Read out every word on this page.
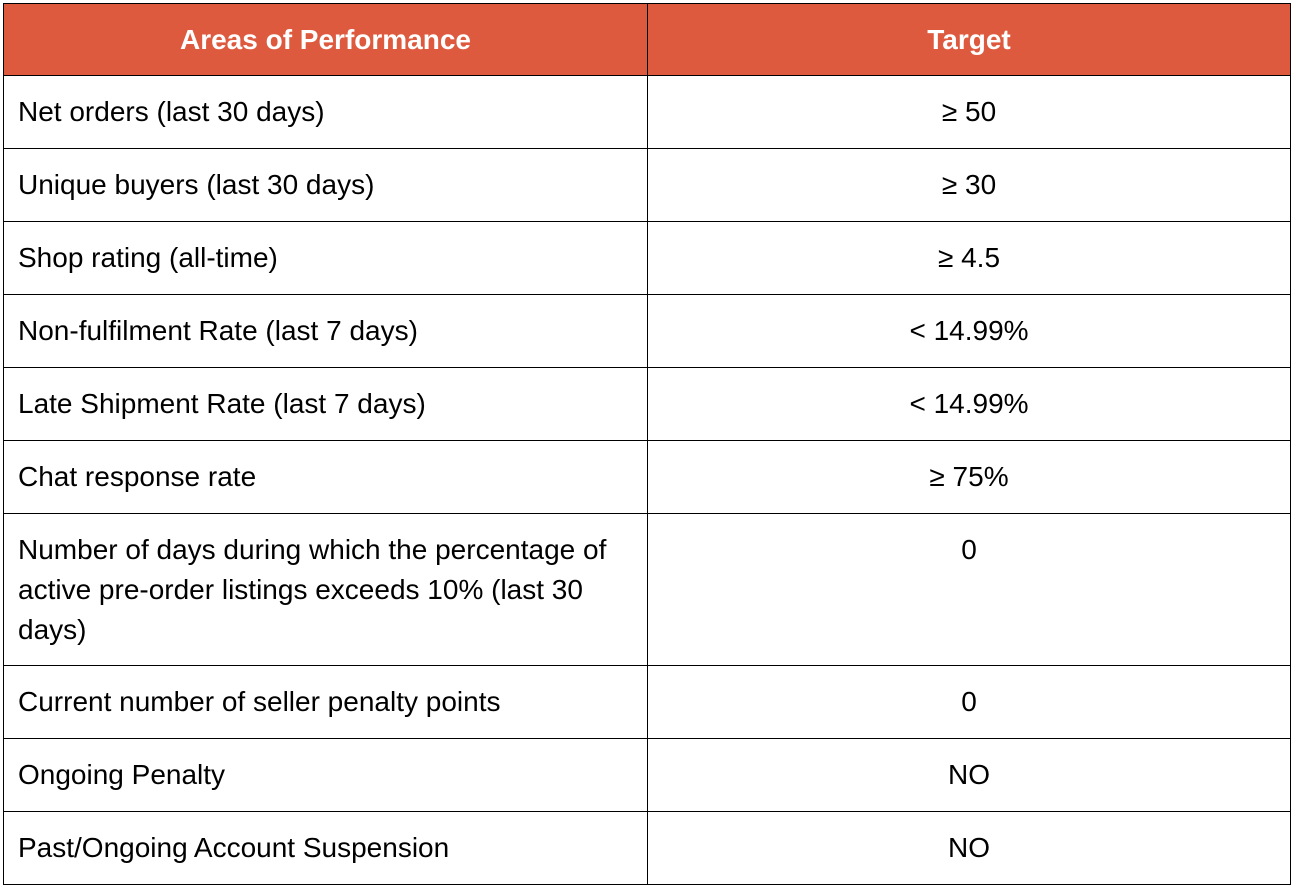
Areas of Performance	Target
Net orders (last 30 days)	≥ 50
Unique buyers (last 30 days)	≥ 30
Shop rating (all-time)	≥ 4.5
Non-fulfilment Rate (last 7 days)	< 14.99%
Late Shipment Rate (last 7 days)	< 14.99%
Chat response rate	≥ 75%
Number of days during which the percentage of active pre-order listings exceeds 10% (last 30 days)	0
Current number of seller penalty points	0
Ongoing Penalty	NO
Past/Ongoing Account Suspension	NO
